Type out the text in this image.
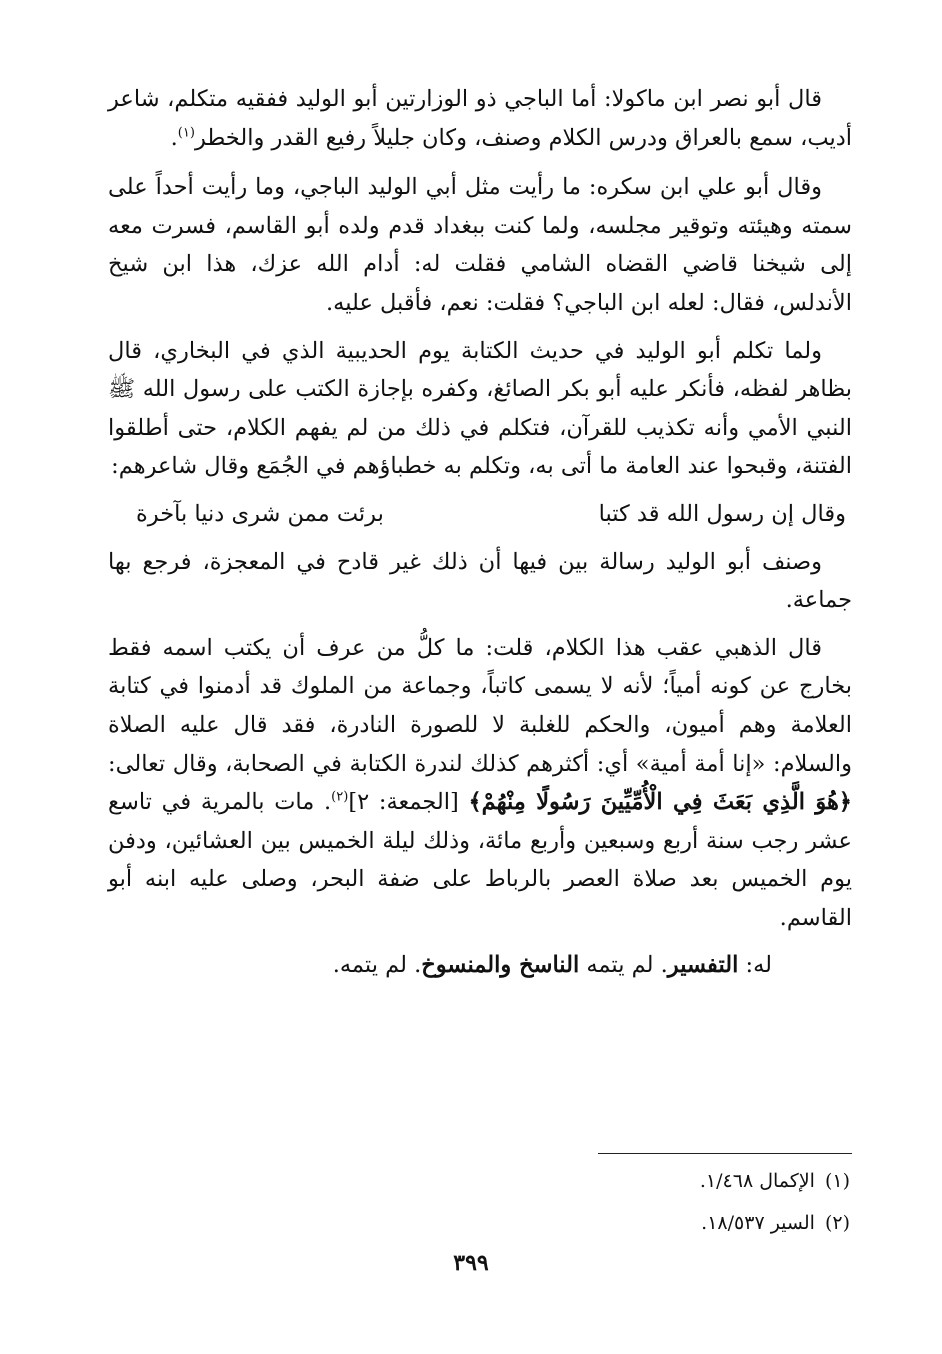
قال أبو نصر ابن ماكولا: أما الباجي ذو الوزارتين أبو الوليد ففقيه متكلم، شاعر أديب، سمع بالعراق ودرس الكلام وصنف، وكان جليلاً رفيع القدر والخطر$^{(١)}$.

وقال أبو علي ابن سكره: ما رأيت مثل أبي الوليد الباجي، وما رأيت أحداً على سمته وهيئته وتوقير مجلسه، ولما كنت ببغداد قدم ولده أبو القاسم، فسرت معه إلى شيخنا قاضي القضاه الشامي فقلت له: أدام الله عزك، هذا ابن شيخ الأندلس، فقال: لعله ابن الباجي؟ فقلت: نعم، فأقبل عليه.

ولما تكلم أبو الوليد في حديث الكتابة يوم الحديبية الذي في البخاري، قال بظاهر لفظه، فأنكر عليه أبو بكر الصائغ، وكفره بإجازة الكتب على رسول الله ﷺ النبي الأمي وأنه تكذيب للقرآن، فتكلم في ذلك من لم يفهم الكلام، حتى أطلقوا الفتنة، وقبحوا عند العامة ما أتى به، وتكلم به خطباؤهم في الجُمَع وقال شاعرهم:

وقال إن رسول الله قد كتبا
برئت ممن شرى دنيا بآخرة

وصنف أبو الوليد رسالة بين فيها أن ذلك غير قادح في المعجزة، فرجع بها جماعة.

قال الذهبي عقب هذا الكلام، قلت: ما كلُّ من عرف أن يكتب اسمه فقط بخارج عن كونه أمياً؛ لأنه لا يسمى كاتباً، وجماعة من الملوك قد أدمنوا في كتابة العلامة وهم أميون، والحكم للغلبة لا للصورة النادرة، فقد قال عليه الصلاة والسلام: «إنا أمة أمية» أي: أكثرهم كذلك لندرة الكتابة في الصحابة، وقال تعالى: ﴿هُوَ الَّذِي بَعَثَ فِي الْأُمِّيِّينَ رَسُولًا مِنْهُمْ﴾ [الجمعة: ٢]$^{(٢)}$. مات بالمرية في تاسع عشر رجب سنة أربع وسبعين وأربع مائة، وذلك ليلة الخميس بين العشائين، ودفن يوم الخميس بعد صلاة العصر بالرباط على ضفة البحر، وصلى عليه ابنه أبو القاسم.

له: التفسير. لم يتمه الناسخ والمنسوخ. لم يتمه.

(١)الإكمال ١/٤٦٨.

(٢)السير ١٨/٥٣٧.

٣٩٩
